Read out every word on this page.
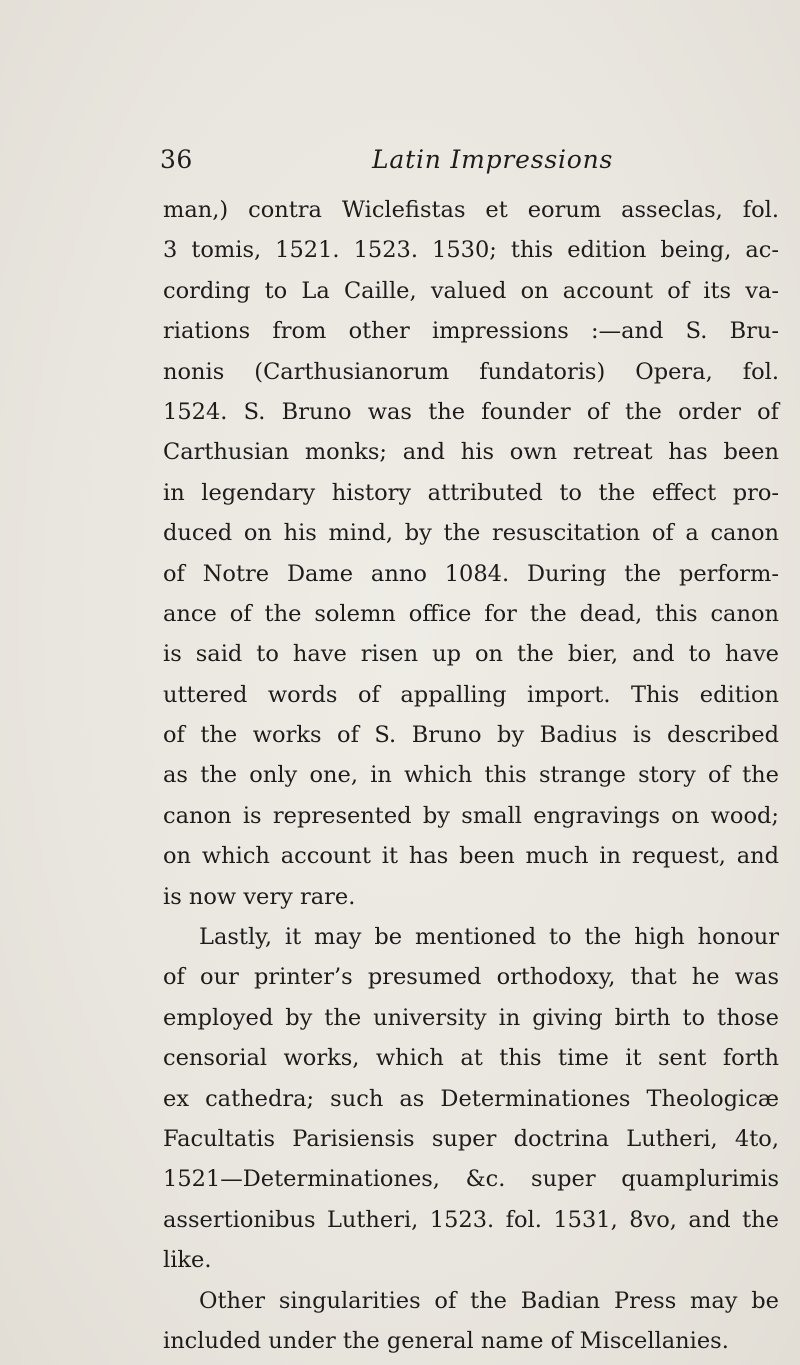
36	Latin Impressions
man,) contra Wiclefistas et eorum asseclas, fol.
3 tomis, 1521. 1523. 1530; this edition being, ac-
cording to La Caille, valued on account of its va-
riations from other impressions :—and S. Bru-
nonis (Carthusianorum fundatoris) Opera, fol.
1524. S. Bruno was the founder of the order of
Carthusian monks; and his own retreat has been
in legendary history attributed to the effect pro-
duced on his mind, by the resuscitation of a canon
of Notre Dame anno 1084. During the perform-
ance of the solemn office for the dead, this canon
is said to have risen up on the bier, and to have
uttered words of appalling import. This edition
of the works of S. Bruno by Badius is described
as the only one, in which this strange story of the
canon is represented by small engravings on wood;
on which account it has been much in request, and
is now very rare.
Lastly, it may be mentioned to the high honour
of our printer’s presumed orthodoxy, that he was
employed by the university in giving birth to those
censorial works, which at this time it sent forth
ex cathedra; such as Determinationes Theologicæ
Facultatis Parisiensis super doctrina Lutheri, 4to,
1521—Determinationes, &c. super quamplurimis
assertionibus Lutheri, 1523. fol. 1531, 8vo, and the
like.
Other singularities of the Badian Press may be
included under the general name of Miscellanies.
